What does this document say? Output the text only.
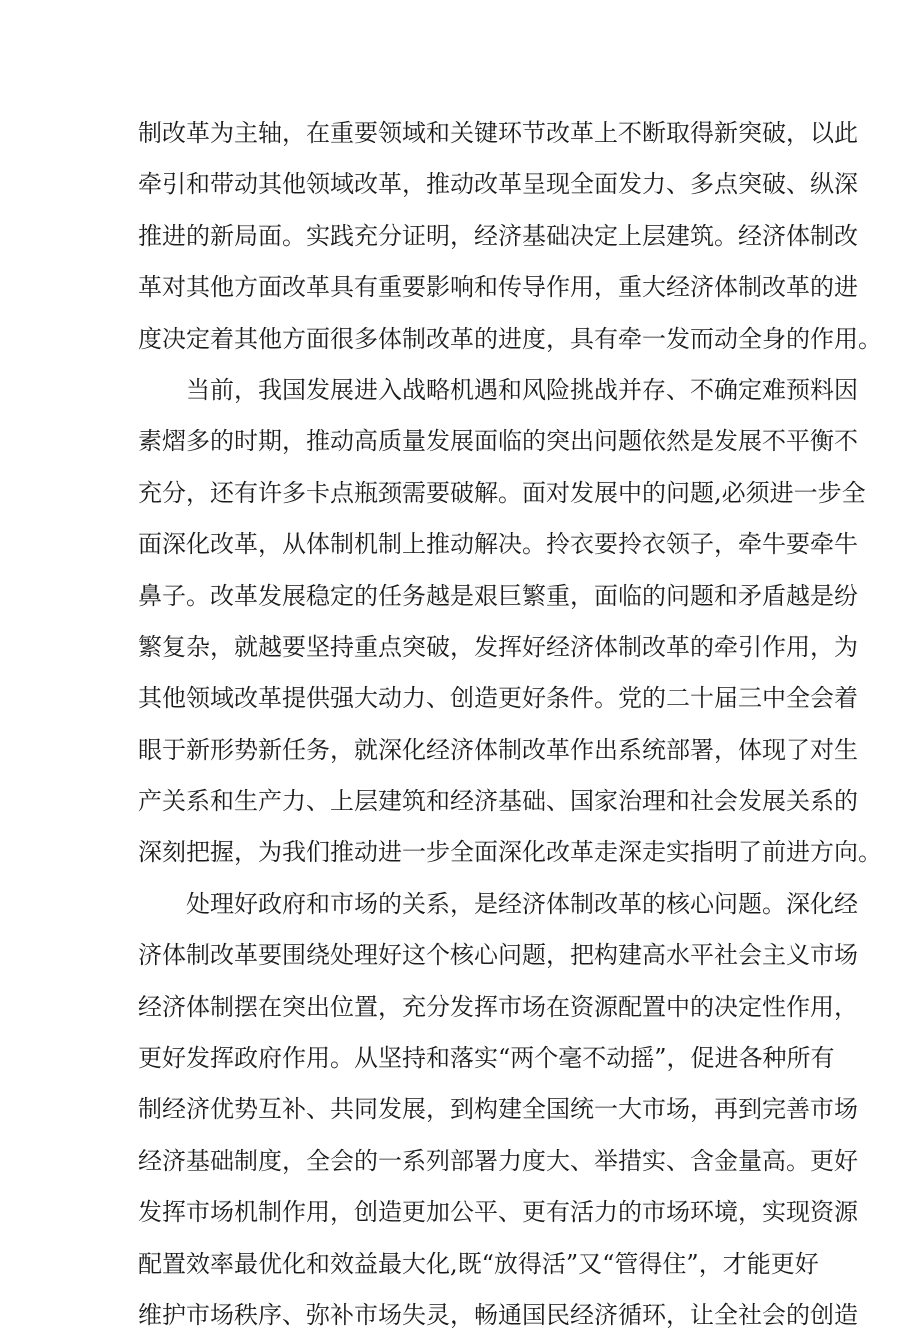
制改革为主轴，在重要领域和关键环节改革上不断取得新突破，以此
牵引和带动其他领域改革，推动改革呈现全面发力、多点突破、纵深
推进的新局面。实践充分证明，经济基础决定上层建筑。经济体制改
革对其他方面改革具有重要影响和传导作用，重大经济体制改革的进
度决定着其他方面很多体制改革的进度，具有牵一发而动全身的作用。
当前，我国发展进入战略机遇和风险挑战并存、不确定难预料因
素熠多的时期，推动高质量发展面临的突出问题依然是发展不平衡不
充分，还有许多卡点瓶颈需要破解。面对发展中的问题,必须进一步全
面深化改革，从体制机制上推动解决。拎衣要拎衣领子，牵牛要牵牛
鼻子。改革发展稳定的任务越是艰巨繁重，面临的问题和矛盾越是纷
繁复杂，就越要坚持重点突破，发挥好经济体制改革的牵引作用，为
其他领域改革提供强大动力、创造更好条件。党的二十届三中全会着
眼于新形势新任务，就深化经济体制改革作出系统部署，体现了对生
产关系和生产力、上层建筑和经济基础、国家治理和社会发展关系的
深刻把握，为我们推动进一步全面深化改革走深走实指明了前进方向。
处理好政府和市场的关系，是经济体制改革的核心问题。深化经
济体制改革要围绕处理好这个核心问题，把构建高水平社会主义市场
经济体制摆在突出位置，充分发挥市场在资源配置中的决定性作用，
更好发挥政府作用。从坚持和落实“两个毫不动摇”，促进各种所有
制经济优势互补、共同发展，到构建全国统一大市场，再到完善市场
经济基础制度，全会的一系列部署力度大、举措实、含金量高。更好
发挥市场机制作用，创造更加公平、更有活力的市场环境，实现资源
配置效率最优化和效益最大化,既“放得活”又“管得住”，才能更好
维护市场秩序、弥补市场失灵，畅通国民经济循环，让全社会的创造
